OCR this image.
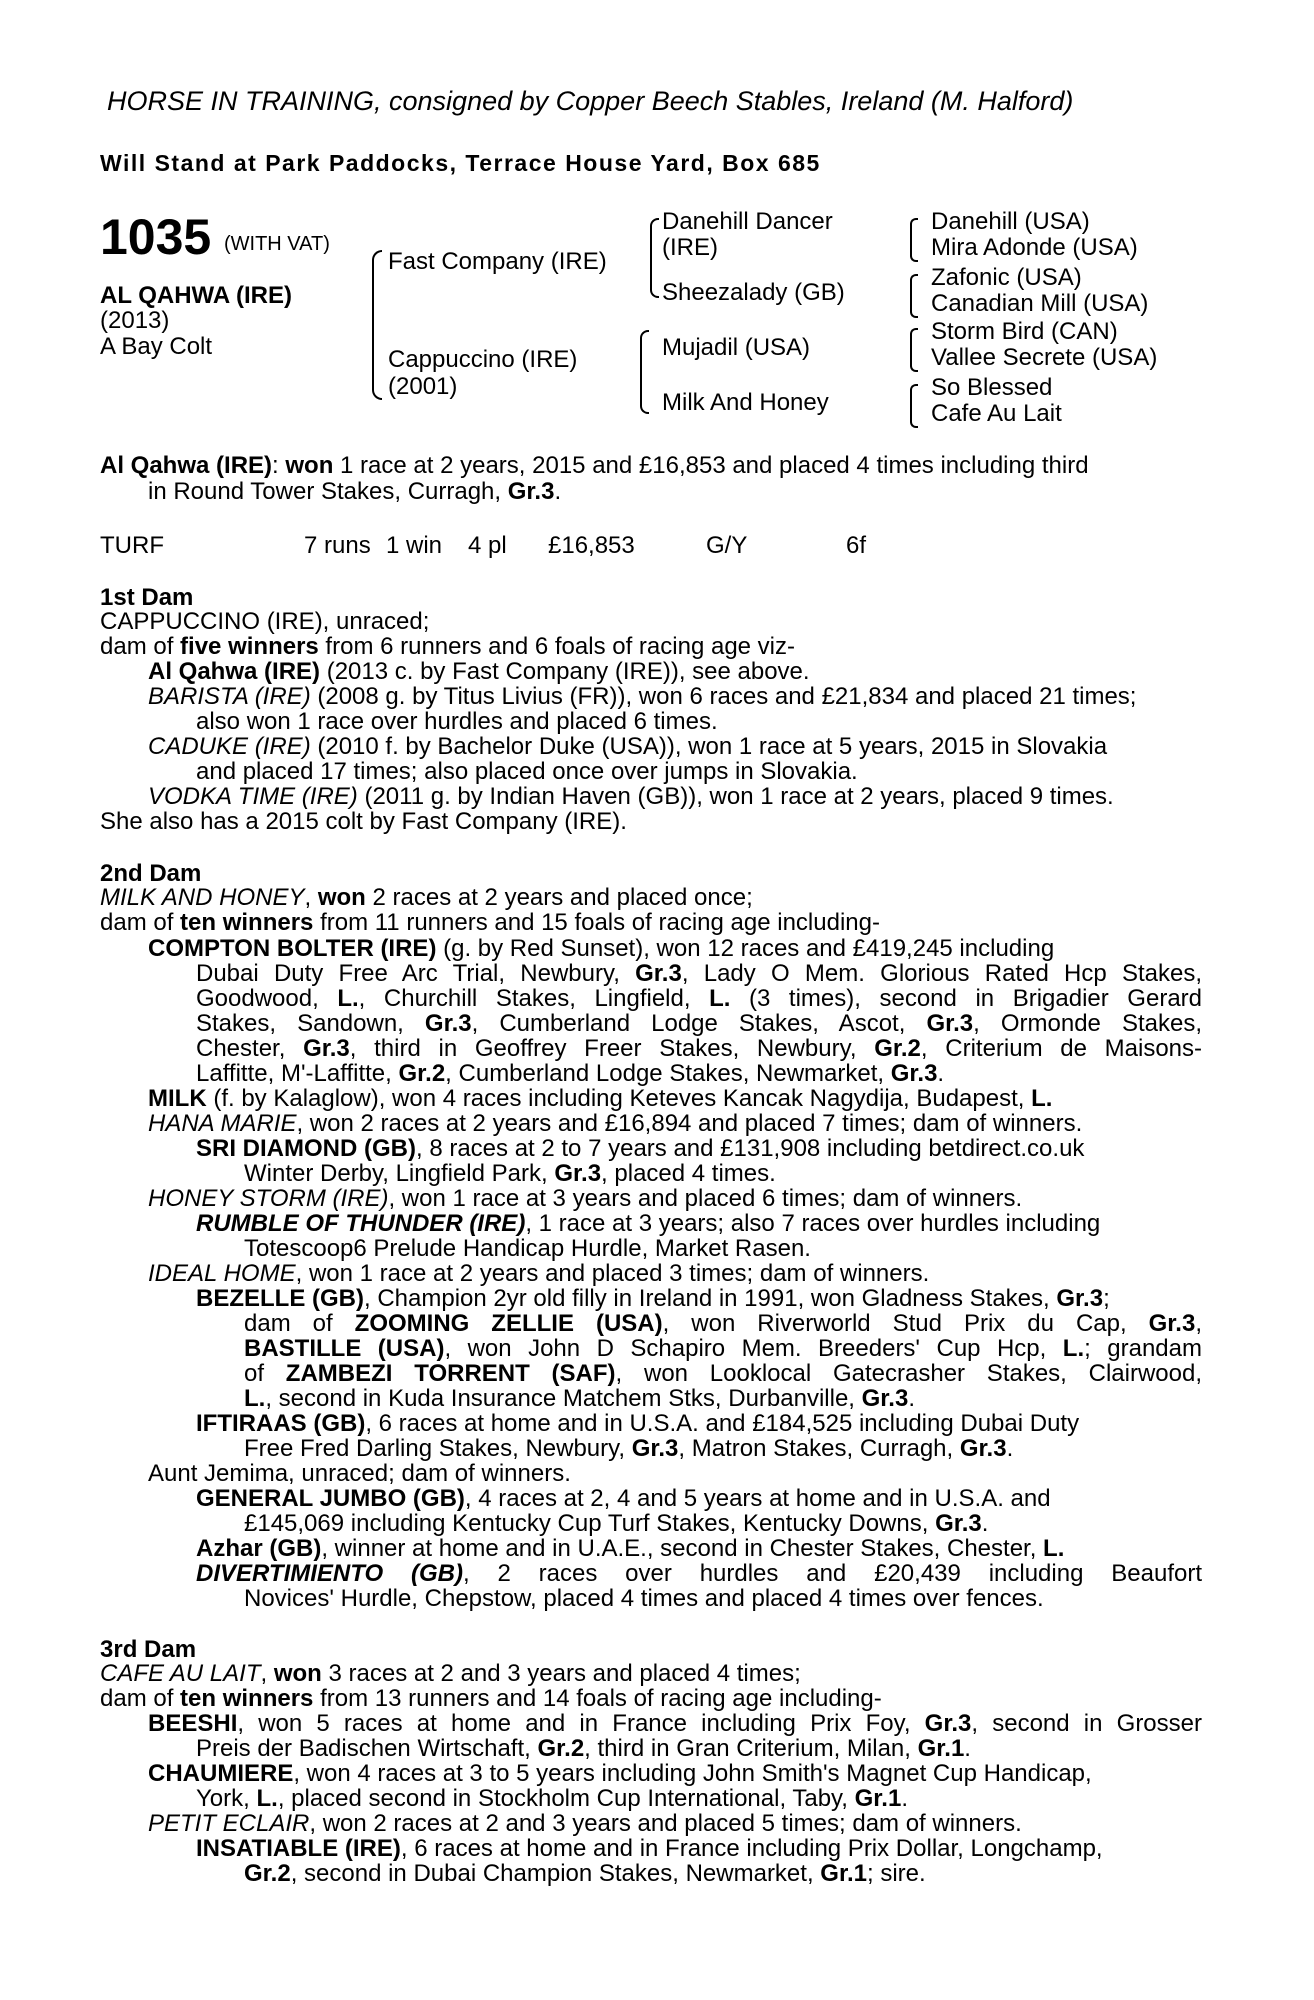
HORSE IN TRAINING, consigned by Copper Beech Stables, Ireland (M. Halford)
Will Stand at Park Paddocks, Terrace House Yard, Box 685
1035 (WITH VAT)
AL QAHWA (IRE)
(2013)
A Bay Colt
Fast Company (IRE)
Cappuccino (IRE)
(2001)
Danehill Dancer
(IRE)
Sheezalady (GB)
Mujadil (USA)
Milk And Honey
Danehill (USA)
Mira Adonde (USA)
Zafonic (USA)
Canadian Mill (USA)
Storm Bird (CAN)
Vallee Secrete (USA)
So Blessed
Cafe Au Lait
Al Qahwa (IRE): won 1 race at 2 years, 2015 and £16,853 and placed 4 times including third
in Round Tower Stakes, Curragh, Gr.3.
TURF	7 runs 1 win 4 pl £16,853	G/Y	6f
1st Dam
CAPPUCCINO (IRE), unraced;
dam of five winners from 6 runners and 6 foals of racing age viz-
Al Qahwa (IRE) (2013 c. by Fast Company (IRE)), see above.
BARISTA (IRE) (2008 g. by Titus Livius (FR)), won 6 races and £21,834 and placed 21 times;
also won 1 race over hurdles and placed 6 times.
CADUKE (IRE) (2010 f. by Bachelor Duke (USA)), won 1 race at 5 years, 2015 in Slovakia
and placed 17 times; also placed once over jumps in Slovakia.
VODKA TIME (IRE) (2011 g. by Indian Haven (GB)), won 1 race at 2 years, placed 9 times.
She also has a 2015 colt by Fast Company (IRE).
2nd Dam
MILK AND HONEY, won 2 races at 2 years and placed once;
dam of ten winners from 11 runners and 15 foals of racing age including-
COMPTON BOLTER (IRE) (g. by Red Sunset), won 12 races and £419,245 including
Dubai Duty Free Arc Trial, Newbury, Gr.3, Lady O Mem. Glorious Rated Hcp Stakes,
Goodwood, L., Churchill Stakes, Lingfield, L. (3 times), second in Brigadier Gerard
Stakes, Sandown, Gr.3, Cumberland Lodge Stakes, Ascot, Gr.3, Ormonde Stakes,
Chester, Gr.3, third in Geoffrey Freer Stakes, Newbury, Gr.2, Criterium de Maisons-
Laffitte, M'-Laffitte, Gr.2, Cumberland Lodge Stakes, Newmarket, Gr.3.
MILK (f. by Kalaglow), won 4 races including Keteves Kancak Nagydija, Budapest, L.
HANA MARIE, won 2 races at 2 years and £16,894 and placed 7 times; dam of winners.
SRI DIAMOND (GB), 8 races at 2 to 7 years and £131,908 including betdirect.co.uk
Winter Derby, Lingfield Park, Gr.3, placed 4 times.
HONEY STORM (IRE), won 1 race at 3 years and placed 6 times; dam of winners.
RUMBLE OF THUNDER (IRE), 1 race at 3 years; also 7 races over hurdles including
Totescoop6 Prelude Handicap Hurdle, Market Rasen.
IDEAL HOME, won 1 race at 2 years and placed 3 times; dam of winners.
BEZELLE (GB), Champion 2yr old filly in Ireland in 1991, won Gladness Stakes, Gr.3;
dam of ZOOMING ZELLIE (USA), won Riverworld Stud Prix du Cap, Gr.3,
BASTILLE (USA), won John D Schapiro Mem. Breeders' Cup Hcp, L.; grandam
of ZAMBEZI TORRENT (SAF), won Looklocal Gatecrasher Stakes, Clairwood,
L., second in Kuda Insurance Matchem Stks, Durbanville, Gr.3.
IFTIRAAS (GB), 6 races at home and in U.S.A. and £184,525 including Dubai Duty
Free Fred Darling Stakes, Newbury, Gr.3, Matron Stakes, Curragh, Gr.3.
Aunt Jemima, unraced; dam of winners.
GENERAL JUMBO (GB), 4 races at 2, 4 and 5 years at home and in U.S.A. and
£145,069 including Kentucky Cup Turf Stakes, Kentucky Downs, Gr.3.
Azhar (GB), winner at home and in U.A.E., second in Chester Stakes, Chester, L.
DIVERTIMIENTO (GB), 2 races over hurdles and £20,439 including Beaufort
Novices' Hurdle, Chepstow, placed 4 times and placed 4 times over fences.
3rd Dam
CAFE AU LAIT, won 3 races at 2 and 3 years and placed 4 times;
dam of ten winners from 13 runners and 14 foals of racing age including-
BEESHI, won 5 races at home and in France including Prix Foy, Gr.3, second in Grosser
Preis der Badischen Wirtschaft, Gr.2, third in Gran Criterium, Milan, Gr.1.
CHAUMIERE, won 4 races at 3 to 5 years including John Smith's Magnet Cup Handicap,
York, L., placed second in Stockholm Cup International, Taby, Gr.1.
PETIT ECLAIR, won 2 races at 2 and 3 years and placed 5 times; dam of winners.
INSATIABLE (IRE), 6 races at home and in France including Prix Dollar, Longchamp,
Gr.2, second in Dubai Champion Stakes, Newmarket, Gr.1; sire.
